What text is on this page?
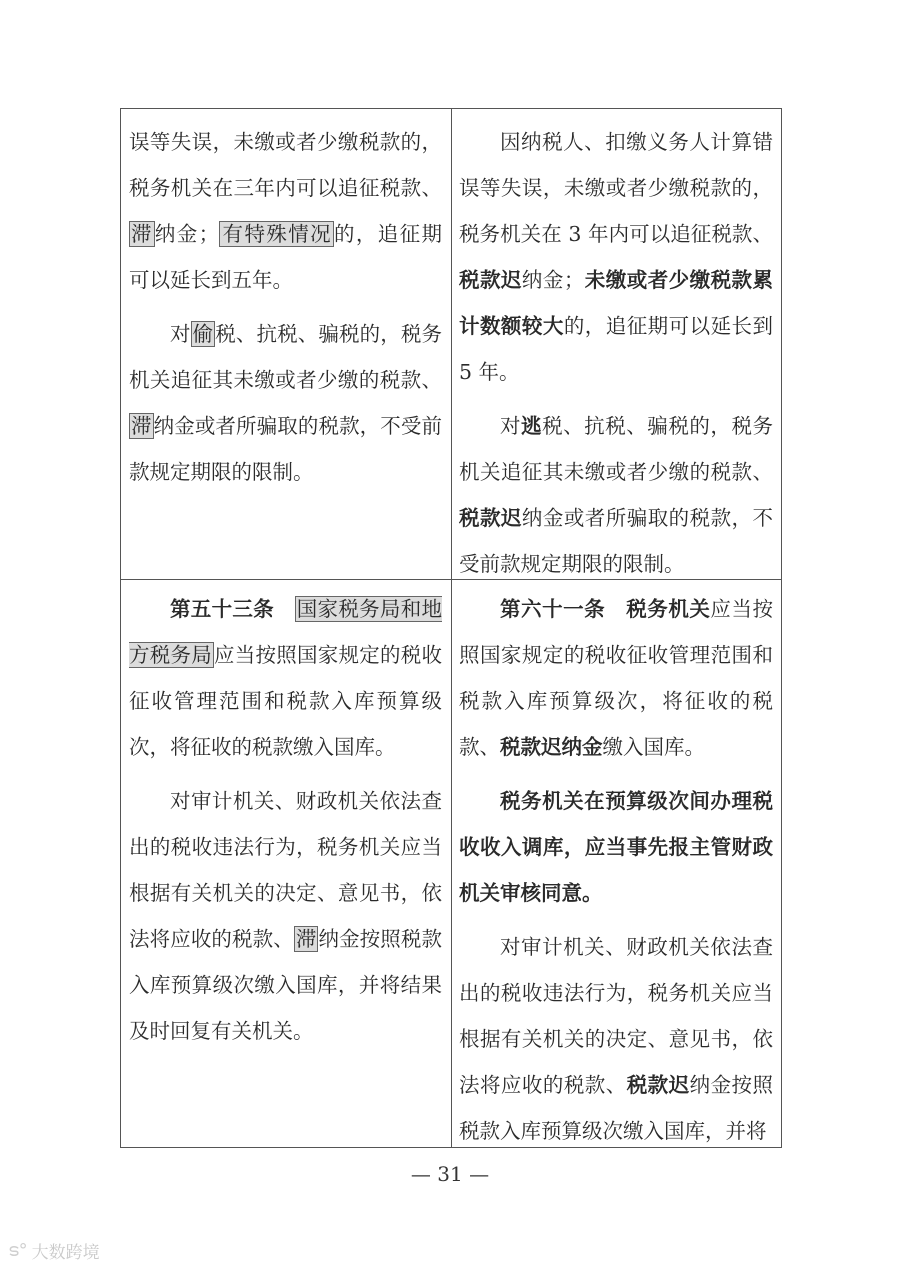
误等失误，未缴或者少缴税款的，税务机关在三年内可以追征税款、滞纳金；有特殊情况的，追征期可以延长到五年。

对偷税、抗税、骗税的，税务机关追征其未缴或者少缴的税款、滞纳金或者所骗取的税款，不受前款规定期限的限制。

因纳税人、扣缴义务人计算错误等失误，未缴或者少缴税款的，税务机关在 3 年内可以追征税款、税款迟纳金；未缴或者少缴税款累计数额较大的，追征期可以延长到 5 年。

对逃税、抗税、骗税的，税务机关追征其未缴或者少缴的税款、税款迟纳金或者所骗取的税款，不受前款规定期限的限制。

第五十三条　国家税务局和地方税务局应当按照国家规定的税收征收管理范围和税款入库预算级次，将征收的税款缴入国库。

对审计机关、财政机关依法查出的税收违法行为，税务机关应当根据有关机关的决定、意见书，依法将应收的税款、滞纳金按照税款入库预算级次缴入国库，并将结果及时回复有关机关。

第六十一条　税务机关应当按照国家规定的税收征收管理范围和税款入库预算级次，将征收的税款、税款迟纳金缴入国库。

税务机关在预算级次间办理税收收入调库，应当事先报主管财政机关审核同意。

对审计机关、财政机关依法查出的税收违法行为，税务机关应当根据有关机关的决定、意见书，依法将应收的税款、税款迟纳金按照税款入库预算级次缴入国库，并将

— 31 —
ട° 大数跨境
